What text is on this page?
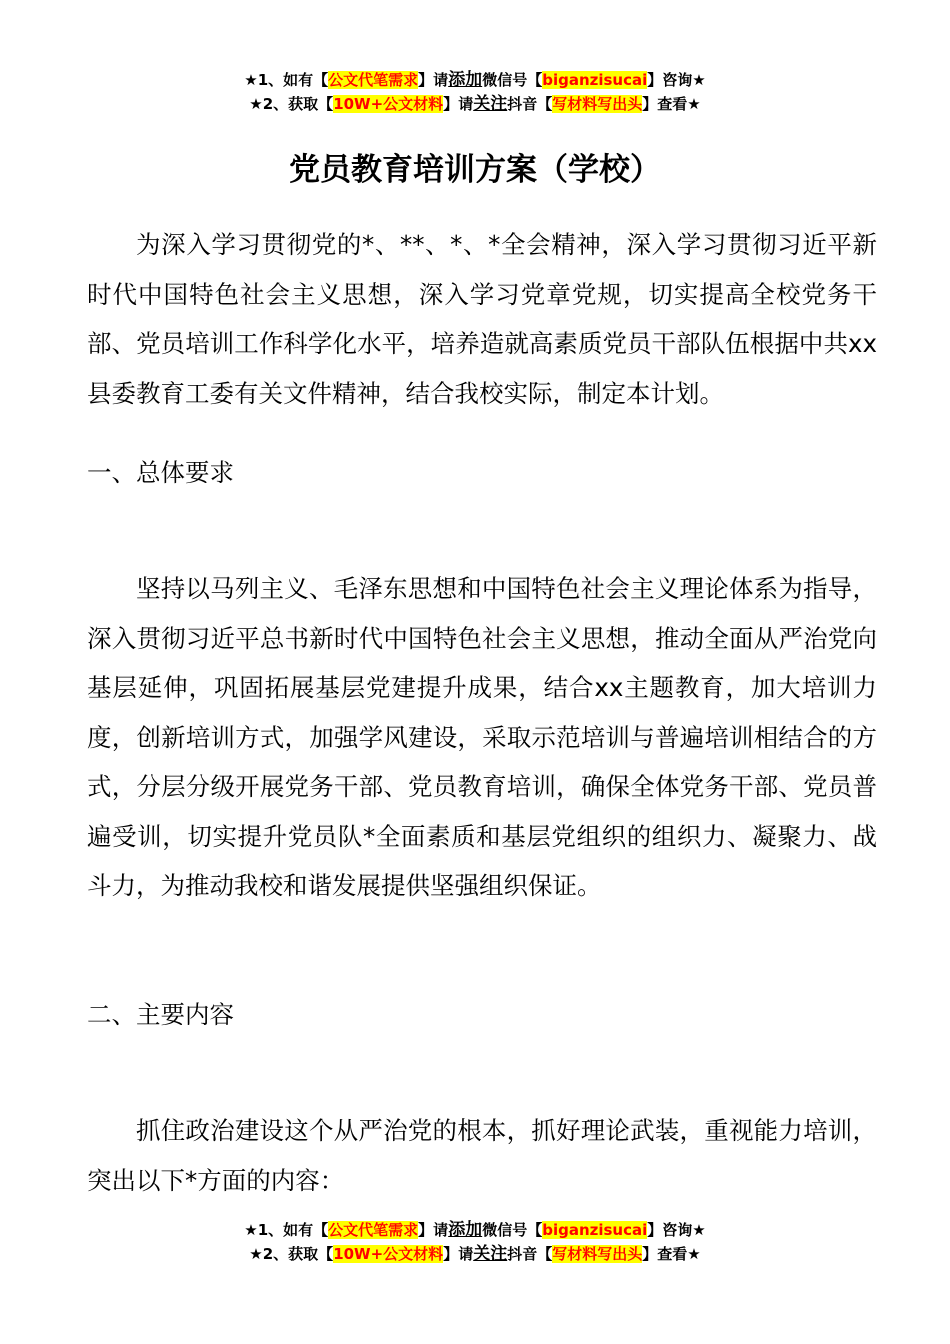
★1、如有【公文代笔需求】请添加微信号【biganzisucai】咨询★
★2、获取【10W+公文材料】请关注抖音【写材料写出头】查看★
党员教育培训方案（学校）
为深入学习贯彻党的*、**、*、*全会精神，深入学习贯彻习近平新时代中国特色社会主义思想，深入学习党章党规，切实提高全校党务干部、党员培训工作科学化水平，培养造就高素质党员干部队伍根据中共xx县委教育工委有关文件精神，结合我校实际，制定本计划。
一、总体要求
坚持以马列主义、毛泽东思想和中国特色社会主义理论体系为指导，深入贯彻习近平总书新时代中国特色社会主义思想，推动全面从严治党向基层延伸，巩固拓展基层党建提升成果，结合xx主题教育，加大培训力度，创新培训方式，加强学风建设，采取示范培训与普遍培训相结合的方式，分层分级开展党务干部、党员教育培训，确保全体党务干部、党员普遍受训，切实提升党员队*全面素质和基层党组织的组织力、凝聚力、战斗力，为推动我校和谐发展提供坚强组织保证。
二、主要内容
抓住政治建设这个从严治党的根本，抓好理论武装，重视能力培训，突出以下*方面的内容：
★1、如有【公文代笔需求】请添加微信号【biganzisucai】咨询★
★2、获取【10W+公文材料】请关注抖音【写材料写出头】查看★
